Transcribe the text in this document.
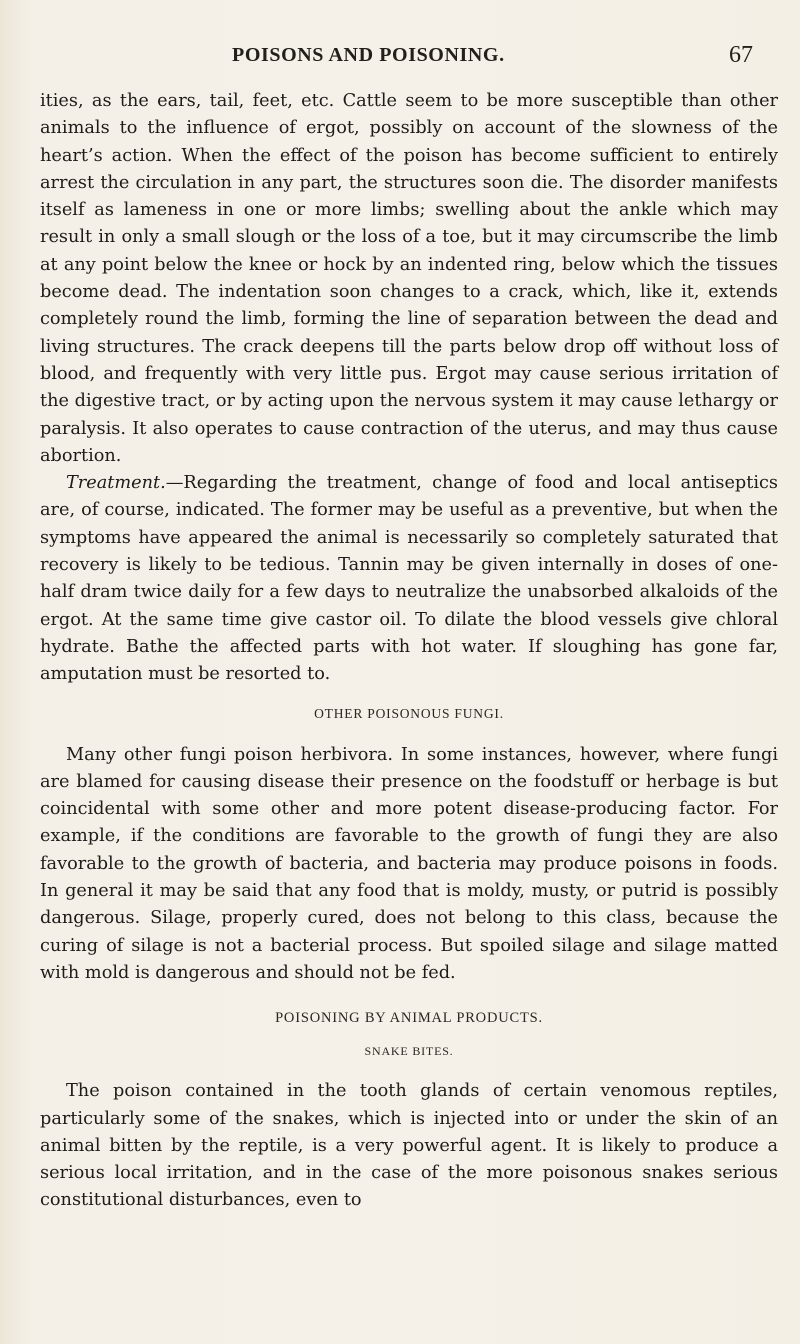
POISONS AND POISONING.	67

ities, as the ears, tail, feet, etc. Cattle seem to be more susceptible than other animals to the influence of ergot, possibly on account of the slowness of the heart’s action. When the effect of the poison has become sufficient to entirely arrest the circulation in any part, the structures soon die. The disorder manifests itself as lameness in one or more limbs; swelling about the ankle which may result in only a small slough or the loss of a toe, but it may circumscribe the limb at any point below the knee or hock by an indented ring, below which the tissues become dead. The indentation soon changes to a crack, which, like it, extends completely round the limb, forming the line of separation between the dead and living structures. The crack deepens till the parts below drop off without loss of blood, and frequently with very little pus. Ergot may cause serious irritation of the digestive tract, or by acting upon the nervous system it may cause lethargy or paralysis. It also operates to cause contraction of the uterus, and may thus cause abortion.

Treatment.—Regarding the treatment, change of food and local antiseptics are, of course, indicated. The former may be useful as a preventive, but when the symptoms have appeared the animal is necessarily so completely saturated that recovery is likely to be tedious. Tannin may be given internally in doses of one-half dram twice daily for a few days to neutralize the unabsorbed alkaloids of the ergot. At the same time give castor oil. To dilate the blood vessels give chloral hydrate. Bathe the affected parts with hot water. If sloughing has gone far, amputation must be resorted to.

OTHER POISONOUS FUNGI.

Many other fungi poison herbivora. In some instances, however, where fungi are blamed for causing disease their presence on the foodstuff or herbage is but coincidental with some other and more potent disease-producing factor. For example, if the conditions are favorable to the growth of fungi they are also favorable to the growth of bacteria, and bacteria may produce poisons in foods. In general it may be said that any food that is moldy, musty, or putrid is possibly dangerous. Silage, properly cured, does not belong to this class, because the curing of silage is not a bacterial process. But spoiled silage and silage matted with mold is dangerous and should not be fed.

POISONING BY ANIMAL PRODUCTS.
SNAKE BITES.

The poison contained in the tooth glands of certain venomous reptiles, particularly some of the snakes, which is injected into or under the skin of an animal bitten by the reptile, is a very powerful agent. It is likely to produce a serious local irritation, and in the case of the more poisonous snakes serious constitutional disturbances, even to
